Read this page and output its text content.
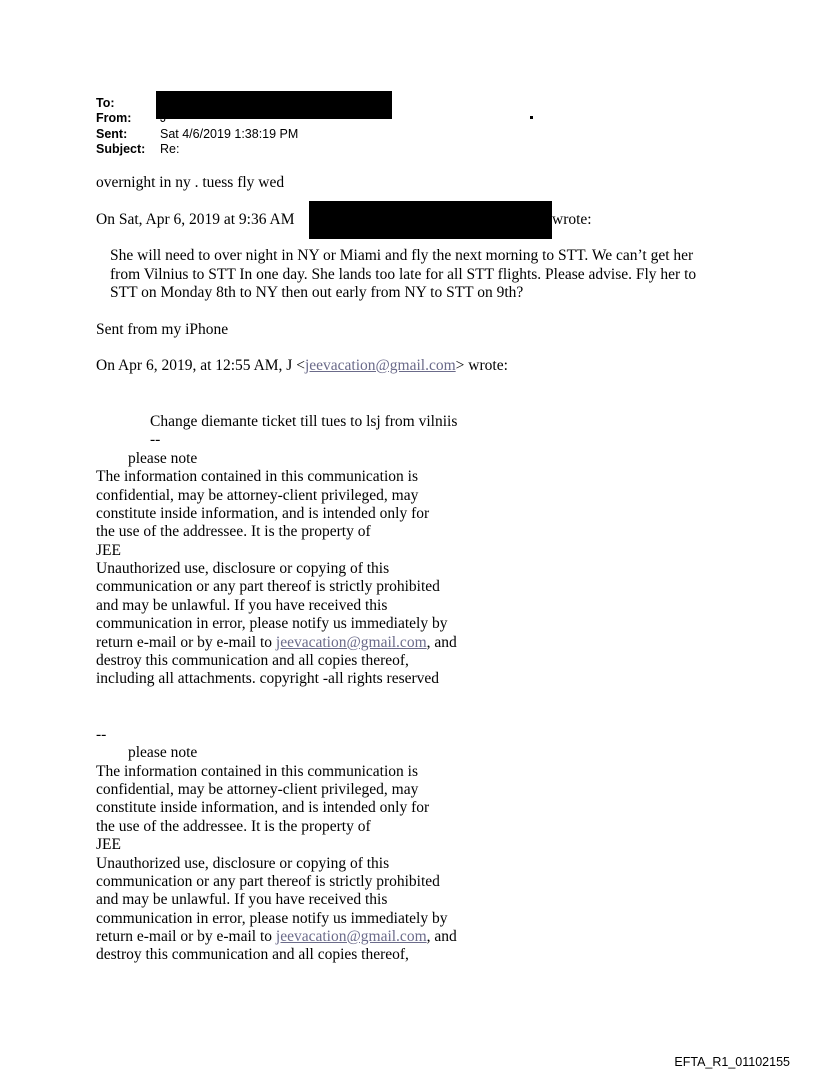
To:
From:
Sent:	Sat 4/6/2019 1:38:19 PM
Subject: Re:
overnight in ny . tuess fly wed
On Sat, Apr 6, 2019 at 9:36 AM	wrote:
She will need to over night in NY or Miami and fly the next morning to STT. We can’t get her
from Vilnius to STT In one day. She lands too late for all STT flights. Please advise. Fly her to
STT on Monday 8th to NY then out early from NY to STT on 9th?
Sent from my iPhone
On Apr 6, 2019, at 12:55 AM, J <jeevacation@gmail.com> wrote:
Change diemante ticket till tues to lsj from vilniis
--
please note
The information contained in this communication is
confidential, may be attorney-client privileged, may
constitute inside information, and is intended only for
the use of the addressee. It is the property of
JEE
Unauthorized use, disclosure or copying of this
communication or any part thereof is strictly prohibited
and may be unlawful. If you have received this
communication in error, please notify us immediately by
return e-mail or by e-mail to jeevacation@gmail.com, and
destroy this communication and all copies thereof,
including all attachments. copyright -all rights reserved
--
please note
The information contained in this communication is
confidential, may be attorney-client privileged, may
constitute inside information, and is intended only for
the use of the addressee. It is the property of
JEE
Unauthorized use, disclosure or copying of this
communication or any part thereof is strictly prohibited
and may be unlawful. If you have received this
communication in error, please notify us immediately by
return e-mail or by e-mail to jeevacation@gmail.com, and
destroy this communication and all copies thereof,
EFTA_R1_01102155
